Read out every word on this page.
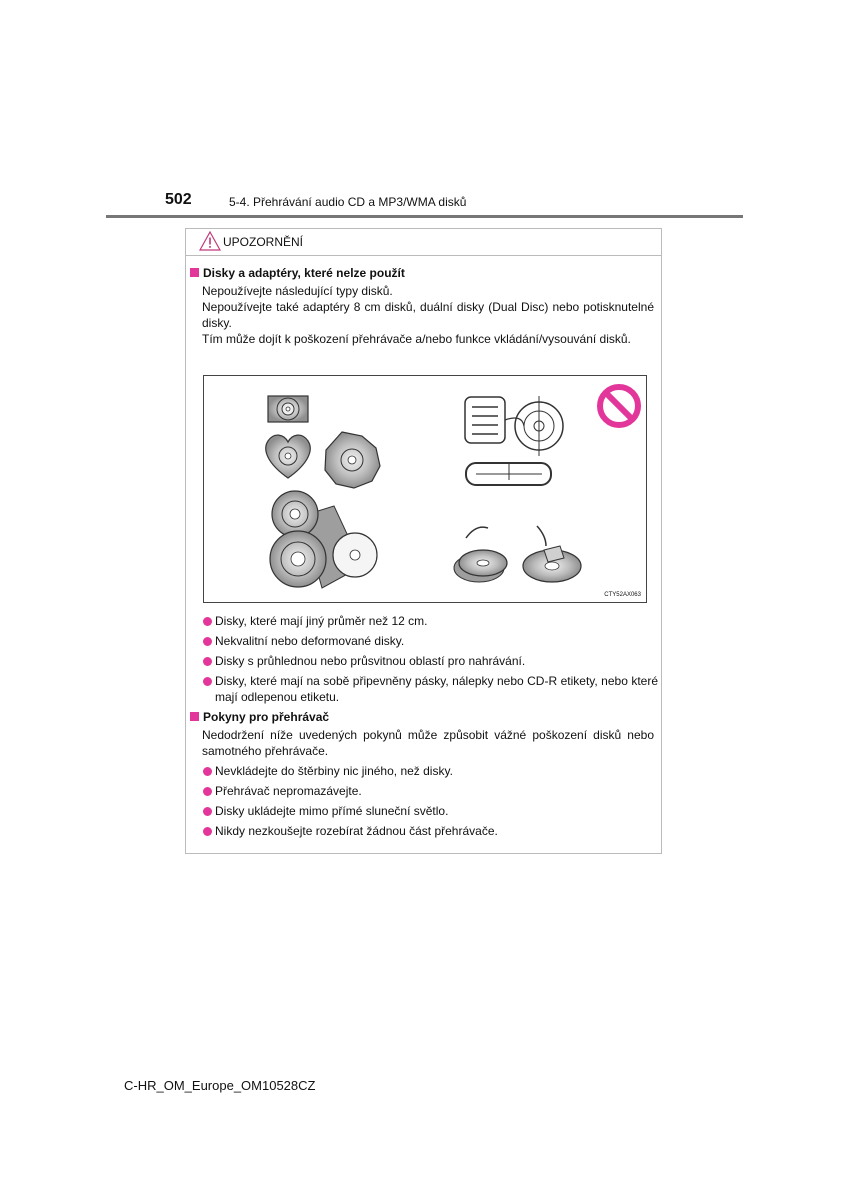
502	5-4. Přehrávání audio CD a MP3/WMA disků
UPOZORNĚNÍ
Disky a adaptéry, které nelze použít
Nepoužívejte následující typy disků.
Nepoužívejte také adaptéry 8 cm disků, duální disky (Dual Disc) nebo potisknutelné disky.
Tím může dojít k poškození přehrávače a/nebo funkce vkládání/vysouvání disků.
CTY52AX063
Disky, které mají jiný průměr než 12 cm.
Nekvalitní nebo deformované disky.
Disky s průhlednou nebo průsvitnou oblastí pro nahrávání.
Disky, které mají na sobě připevněny pásky, nálepky nebo CD-R etikety, nebo které mají odlepenou etiketu.
Pokyny pro přehrávač
Nedodržení níže uvedených pokynů může způsobit vážné poškození disků nebo samotného přehrávače.
Nevkládejte do štěrbiny nic jiného, než disky.
Přehrávač nepromazávejte.
Disky ukládejte mimo přímé sluneční světlo.
Nikdy nezkoušejte rozebírat žádnou část přehrávače.
C-HR_OM_Europe_OM10528CZ
